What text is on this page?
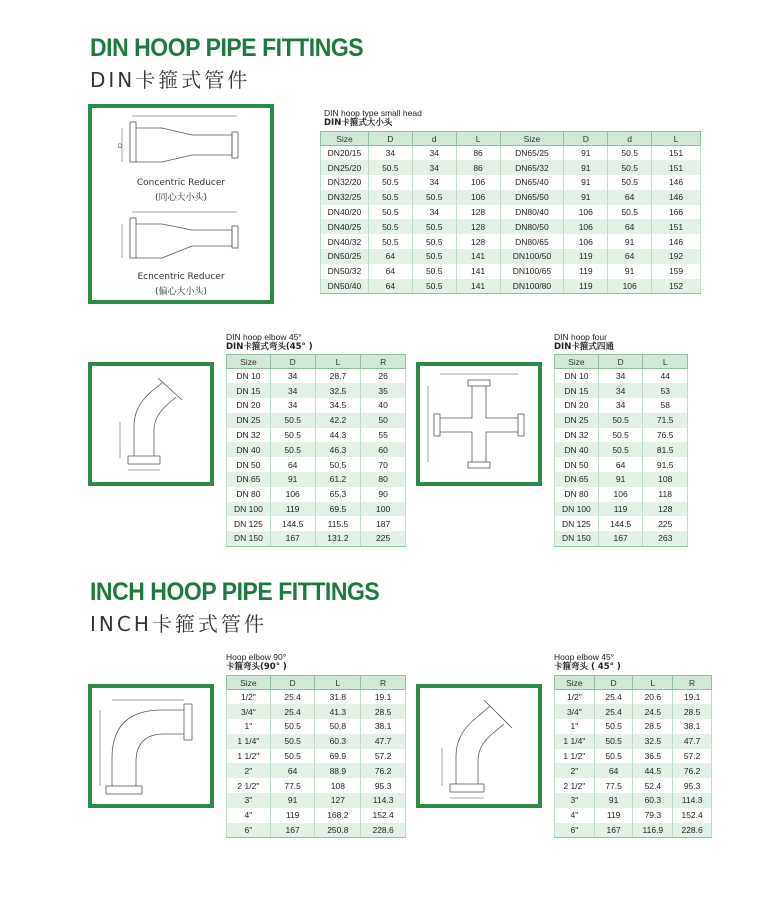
DIN HOOP PIPE FITTINGS
DIN卡箍式管件
D
Concentric Reducer
(同心大小头)
Ecncentric Reducer
(偏心大小头)
DIN hoop type small head
DIN卡箍式大小头
Size	D	d	L	Size	D	d	L
DN20/15	34	34	86	DN65/25	91	50.5	151
DN25/20	50.5	34	86	DN65/32	91	50.5	151
DN32/20	50.5	34	106	DN65/40	91	50.5	146
DN32/25	50.5	50.5	106	DN65/50	91	64	146
DN40/20	50.5	34	128	DN80/40	106	50.5	166
DN40/25	50.5	50.5	128	DN80/50	106	64	151
DN40/32	50.5	50.5	128	DN80/65	106	91	146
DN50/25	64	50.5	141	DN100/50	119	64	192
DN50/32	64	50.5	141	DN100/65	119	91	159
DN50/40	64	50.5	141	DN100/80	119	106	152
DIN hoop elbow 45°
DIN卡箍式弯头(45° )
Size	D	L	R
DN 10	34	28.7	26
DN 15	34	32.5	35
DN 20	34	34.5	40
DN 25	50.5	42.2	50
DN 32	50.5	44.3	55
DN 40	50.5	46.3	60
DN 50	64	50.5	70
DN 65	91	61.2	80
DN 80	106	65.3	90
DN 100	119	69.5	100
DN 125	144.5	115.5	187
DN 150	167	131.2	225
DIN hoop four
DIN卡箍式四通
Size	D	L
DN 10	34	44
DN 15	34	53
DN 20	34	58
DN 25	50.5	71.5
DN 32	50.5	76.5
DN 40	50.5	81.5
DN 50	64	91.5
DN 65	91	108
DN 80	106	118
DN 100	119	128
DN 125	144.5	225
DN 150	167	263
INCH HOOP PIPE FITTINGS
INCH卡箍式管件
Hoop elbow 90°
卡箍弯头(90° )
Size	D	L	R
1/2"	25.4	31.8	19.1
3/4"	25.4	41.3	28.5
1"	50.5	50.8	38.1
1 1/4"	50.5	60.3	47.7
1 1/2"	50.5	69.9	57.2
2"	64	88.9	76.2
2 1/2"	77.5	108	95.3
3"	91	127	114.3
4"	119	168.2	152.4
6"	167	250.8	228.6
Hoop elbow 45°
卡箍弯头 ( 45° )
Size	D	L	R
1/2"	25.4	20.6	19.1
3/4"	25.4	24.5	28.5
1"	50.5	28.5	38.1
1 1/4"	50.5	32.5	47.7
1 1/2"	50.5	36.5	57.2
2"	64	44.5	76.2
2 1/2"	77.5	52.4	95.3
3"	91	60.3	114.3
4"	119	79.3	152.4
6"	167	116.9	228.6
